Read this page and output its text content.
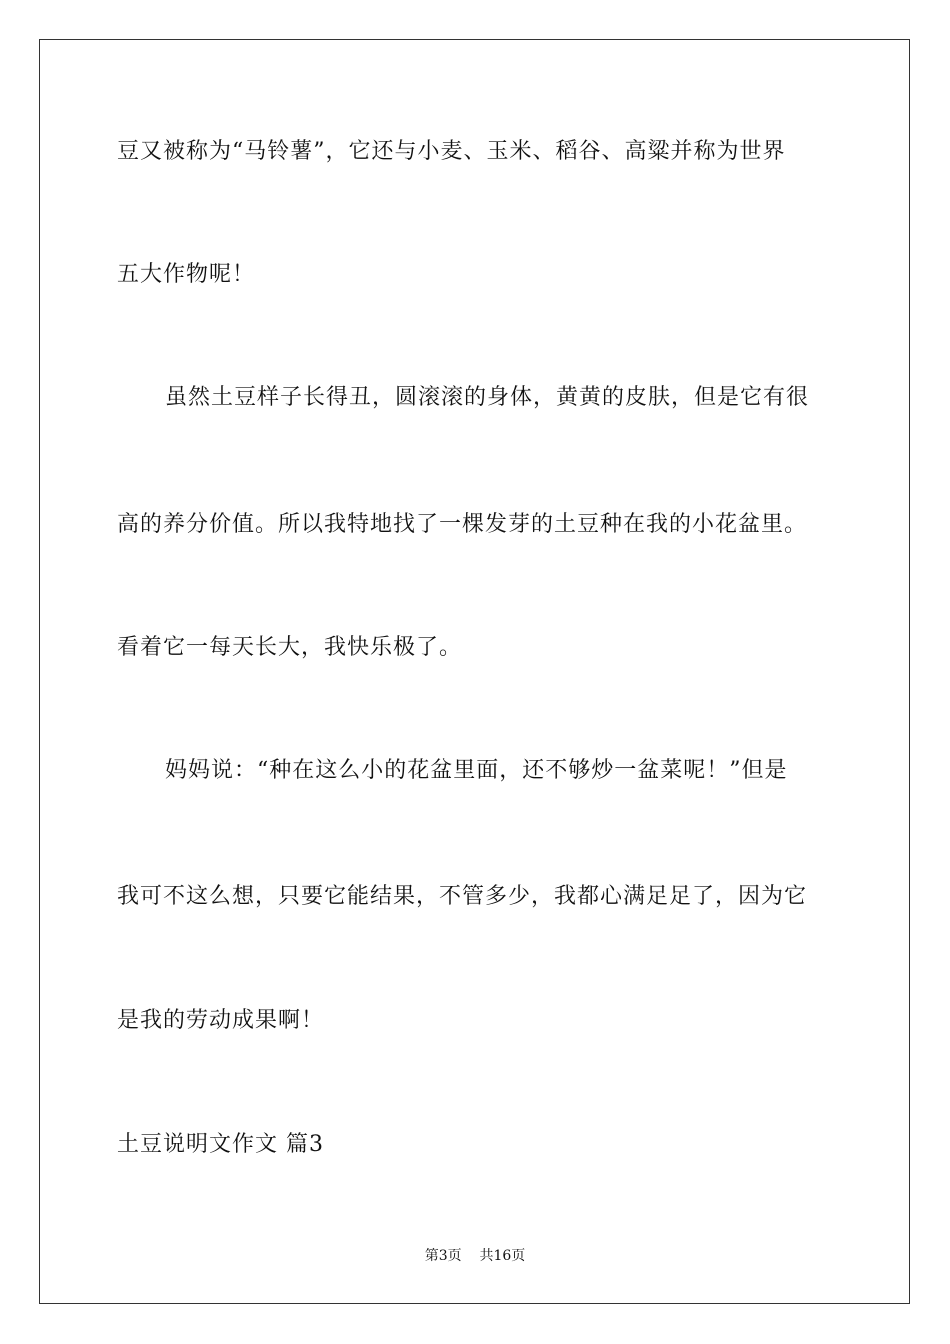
豆又被称为“马铃薯”，它还与小麦、玉米、稻谷、高粱并称为世界
五大作物呢！
虽然土豆样子长得丑，圆滚滚的身体，黄黄的皮肤，但是它有很
高的养分价值。所以我特地找了一棵发芽的土豆种在我的小花盆里。
看着它一每天长大，我快乐极了。
妈妈说：“种在这么小的花盆里面，还不够炒一盆菜呢！”但是
我可不这么想，只要它能结果，不管多少，我都心满足足了，因为它
是我的劳动成果啊！
土豆说明文作文 篇3
第3页 共16页
